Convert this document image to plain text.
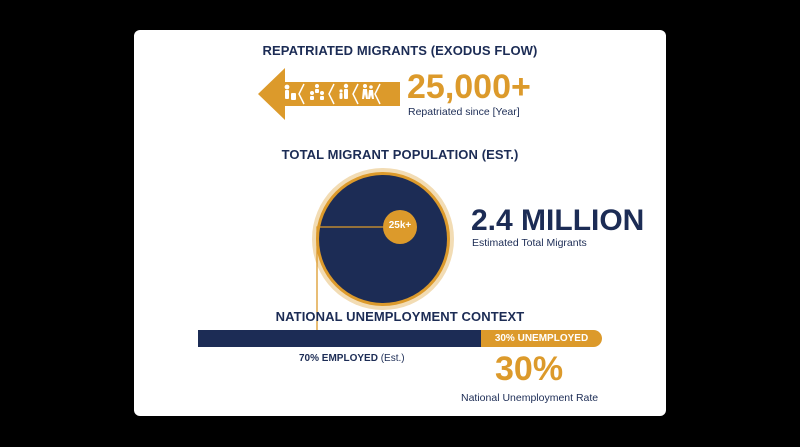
REPATRIATED MIGRANTS (EXODUS FLOW)
25,000+
Repatriated since [Year]
TOTAL MIGRANT POPULATION (EST.)
25k+ 2.4 MILLION
Estimated Total Migrants
NATIONAL UNEMPLOYMENT CONTEXT
30% UNEMPLOYED
70% EMPLOYED (Est.)	30%
National Unemployment Rate
